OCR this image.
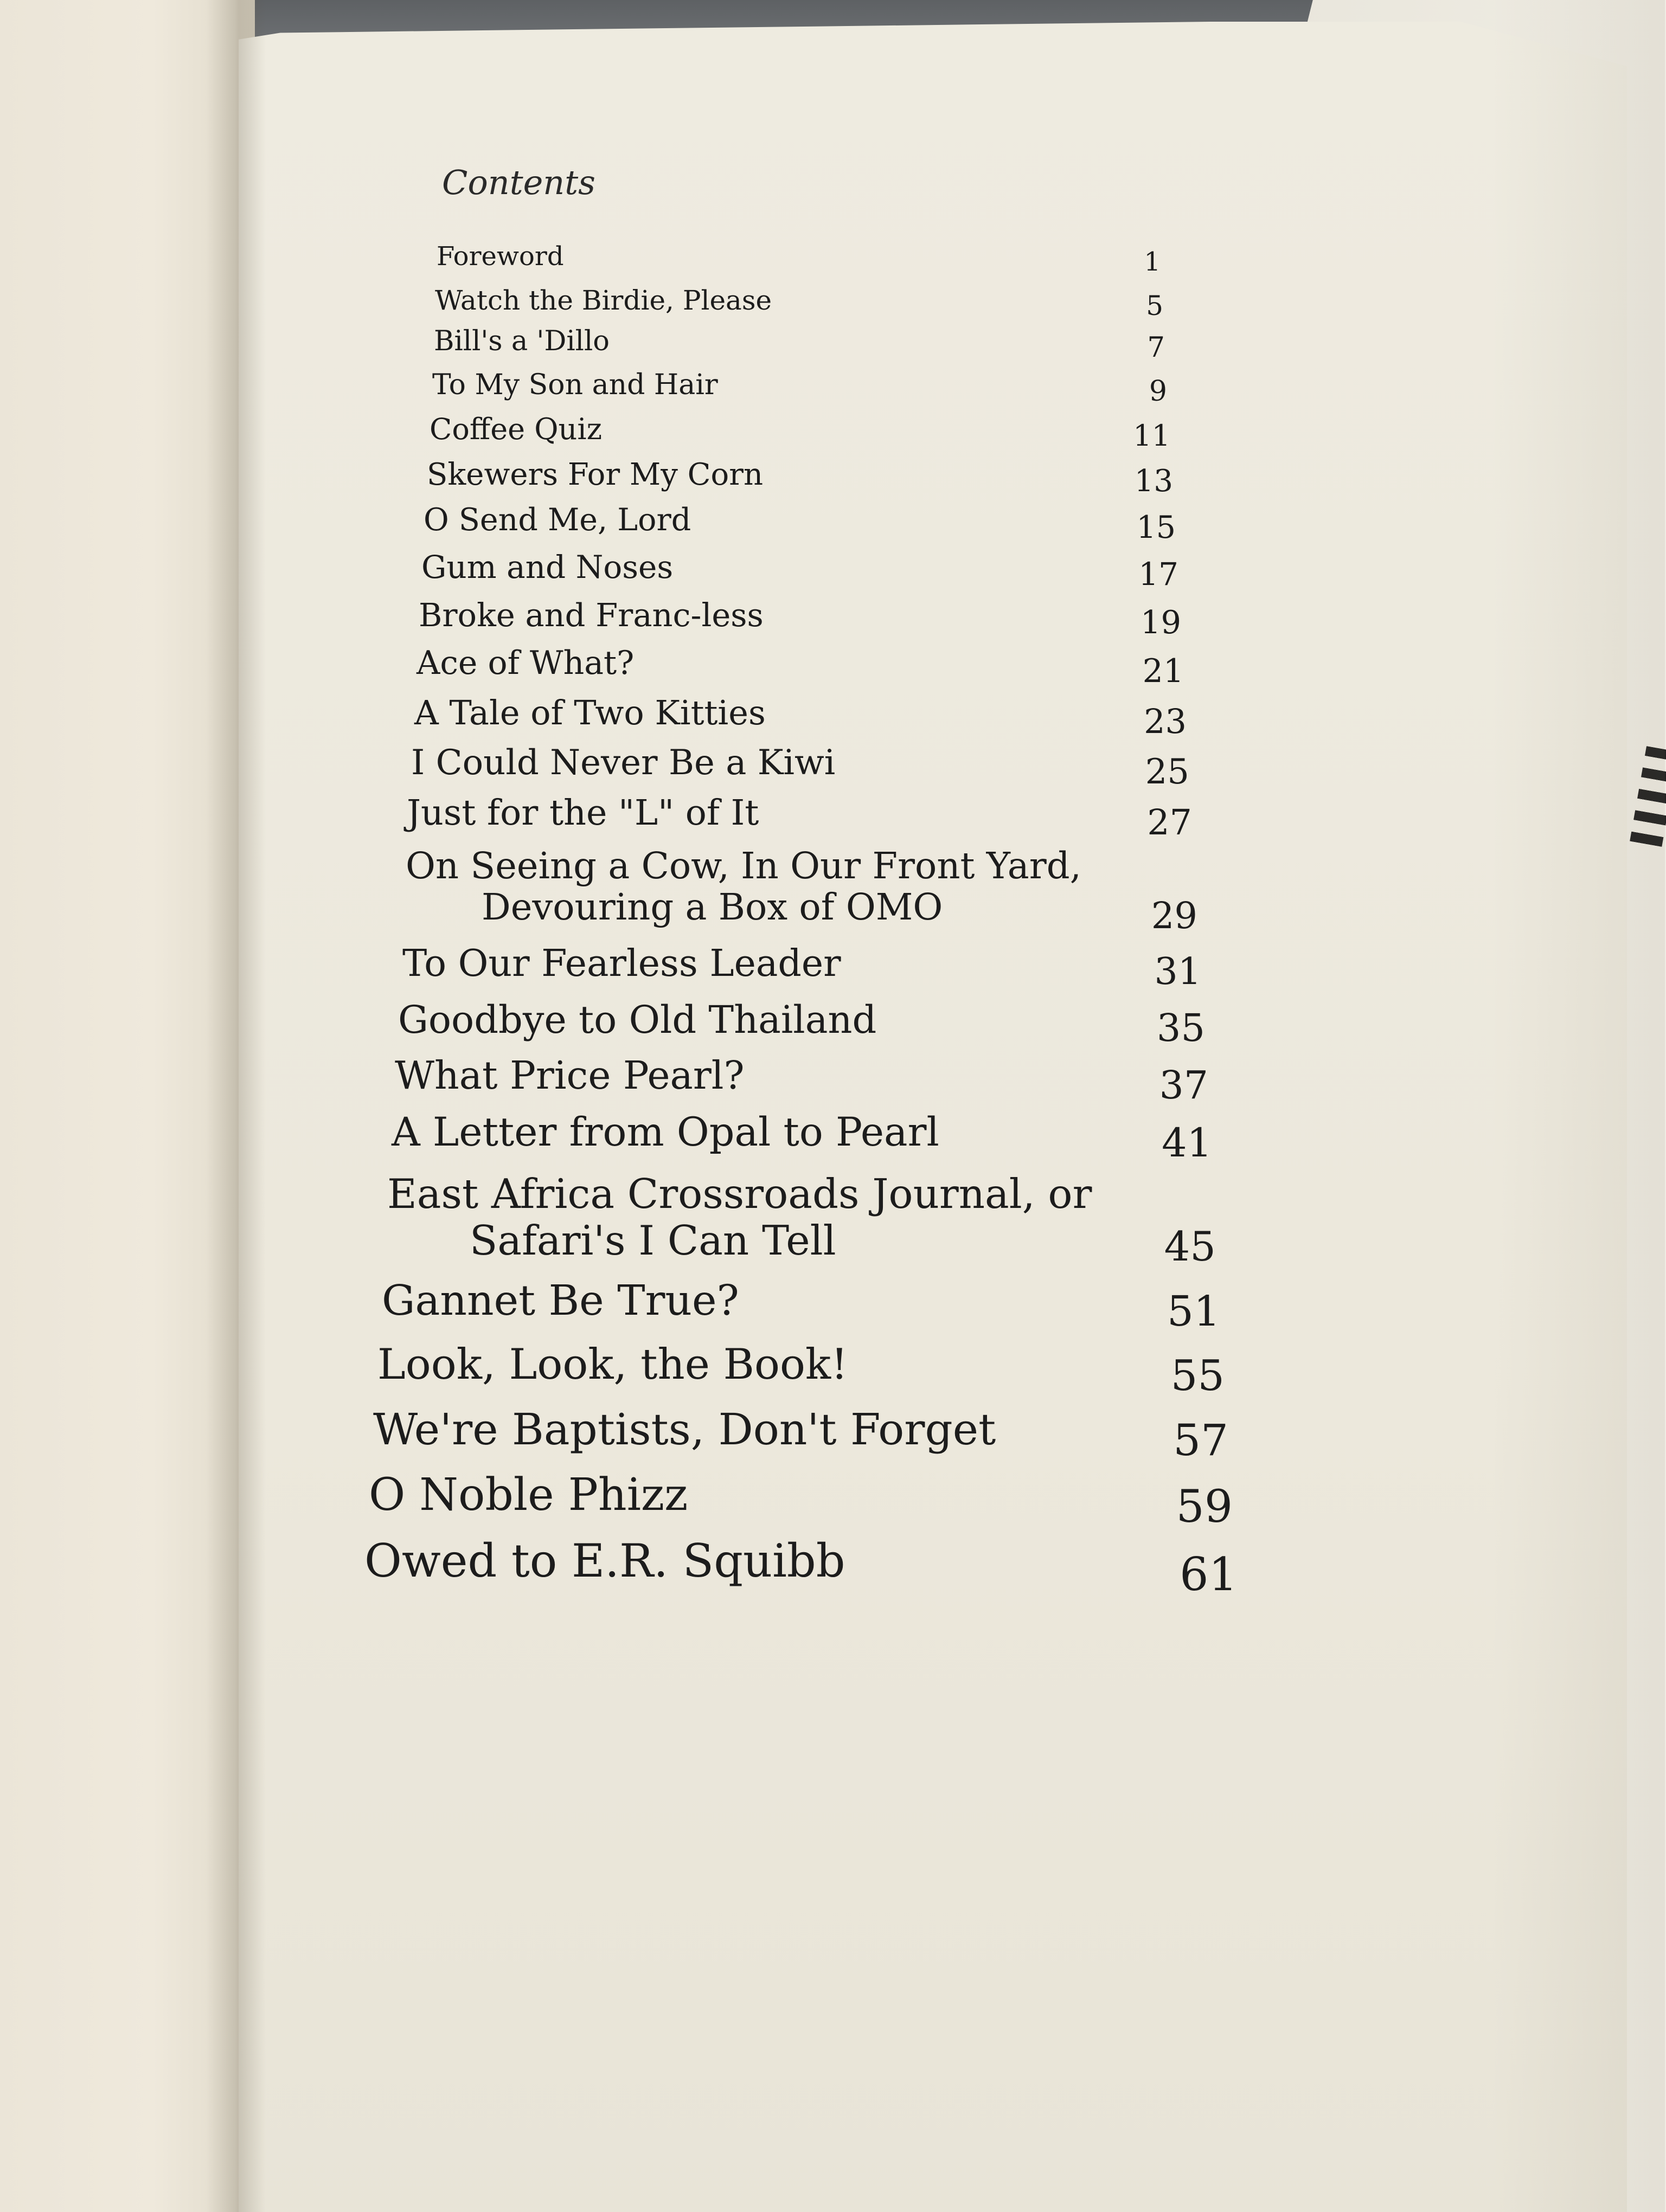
Contents
Foreword	1
Watch the Birdie, Please	5
Bill's a 'Dillo	7
To My Son and Hair	9
Coffee Quiz	11
Skewers For My Corn	13
O Send Me, Lord	15
Gum and Noses	17
Broke and Franc-less	19
Ace of What?	21
A Tale of Two Kitties	23
I Could Never Be a Kiwi	25
Just for the "L" of It	27
On Seeing a Cow, In Our Front Yard,
Devouring a Box of OMO	29
To Our Fearless Leader	31
Goodbye to Old Thailand	35
What Price Pearl?	37
A Letter from Opal to Pearl	41
East Africa Crossroads Journal, or
Safari's I Can Tell	45
Gannet Be True?	51
Look, Look, the Book!	55
We're Baptists, Don't Forget	57
O Noble Phizz	59
Owed to E.R. Squibb	61
